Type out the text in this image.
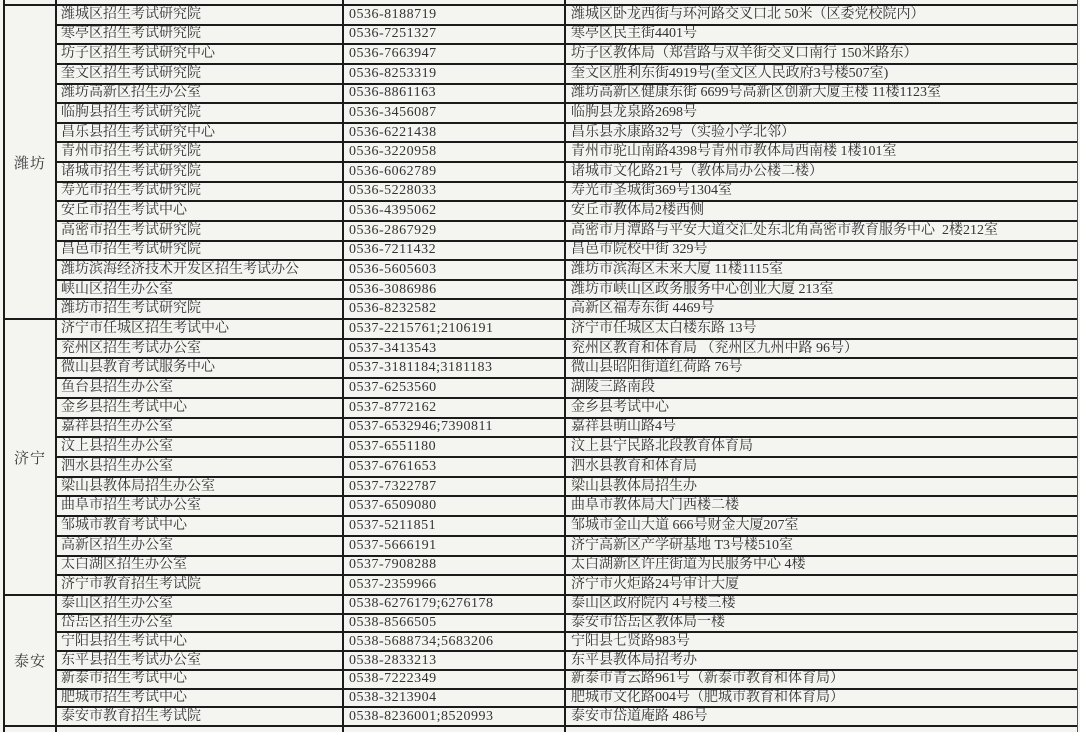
潍坊
潍城区招生考试研究院	0536-8188719	潍城区卧龙西街与环河路交叉口北 50米（区委党校院内）
寒亭区招生考试研究院	0536-7251327	寒亭区民主街4401号
坊子区招生考试研究中心	0536-7663947	坊子区教体局（郑营路与双羊街交叉口南行 150米路东）
奎文区招生考试研究院	0536-8253319	奎文区胜利东街4919号(奎文区人民政府3号楼507室)
潍坊高新区招生办公室	0536-8861163	潍坊高新区健康东街 6699号高新区创新大厦主楼 11楼1123室
临朐县招生考试研究院	0536-3456087	临朐县龙泉路2698号
昌乐县招生考试研究中心	0536-6221438	昌乐县永康路32号（实验小学北邻）
青州市招生考试研究院	0536-3220958	青州市驼山南路4398号青州市教体局西南楼 1楼101室
诸城市招生考试研究院	0536-6062789	诸城市文化路21号（教体局办公楼二楼）
寿光市招生考试研究院	0536-5228033	寿光市圣城街369号1304室
安丘市招生考试中心	0536-4395062	安丘市教体局2楼西侧
高密市招生考试研究院	0536-2867929	高密市月潭路与平安大道交汇处东北角高密市教育服务中心  2楼212室
昌邑市招生考试研究院	0536-7211432	昌邑市院校中街 329号
潍坊滨海经济技术开发区招生考试办公	0536-5605603	潍坊市滨海区未来大厦 11楼1115室
峡山区招生办公室	0536-3086986	潍坊市峡山区政务服务中心创业大厦 213室
潍坊市招生考试研究院	0536-8232582	高新区福寿东街 4469号
济宁
济宁市任城区招生考试中心	0537-2215761;2106191	济宁市任城区太白楼东路 13号
兖州区招生考试办公室	0537-3413543	兖州区教育和体育局 （兖州区九州中路 96号）
微山县教育考试服务中心	0537-3181184;3181183	微山县昭阳街道红荷路 76号
鱼台县招生办公室	0537-6253560	湖陵三路南段
金乡县招生考试中心	0537-8772162	金乡县考试中心
嘉祥县招生办公室	0537-6532946;7390811	嘉祥县萌山路4号
汶上县招生办公室	0537-6551180	汶上县宁民路北段教育体育局
泗水县招生办公室	0537-6761653	泗水县教育和体育局
梁山县教体局招生办公室	0537-7322787	梁山县教体局招生办
曲阜市招生考试办公室	0537-6509080	曲阜市教体局大门西楼二楼
邹城市教育考试中心	0537-5211851	邹城市金山大道 666号财金大厦207室
高新区招生办公室	0537-5666191	济宁高新区产学研基地 T3号楼510室
太白湖区招生办公室	0537-7908288	太白湖新区许庄街道为民服务中心 4楼
济宁市教育招生考试院	0537-2359966	济宁市火炬路24号审计大厦
泰安
泰山区招生办公室	0538-6276179;6276178	泰山区政府院内 4号楼三楼
岱岳区招生办公室	0538-8566505	泰安市岱岳区教体局一楼
宁阳县招生考试中心	0538-5688734;5683206	宁阳县七贤路983号
东平县招生考试办公室	0538-2833213	东平县教体局招考办
新泰市招生考试中心	0538-7222349	新泰市青云路961号（新泰市教育和体育局）
肥城市招生考试中心	0538-3213904	肥城市文化路004号（肥城市教育和体育局）
泰安市教育招生考试院	0538-8236001;8520993	泰安市岱道庵路 486号
